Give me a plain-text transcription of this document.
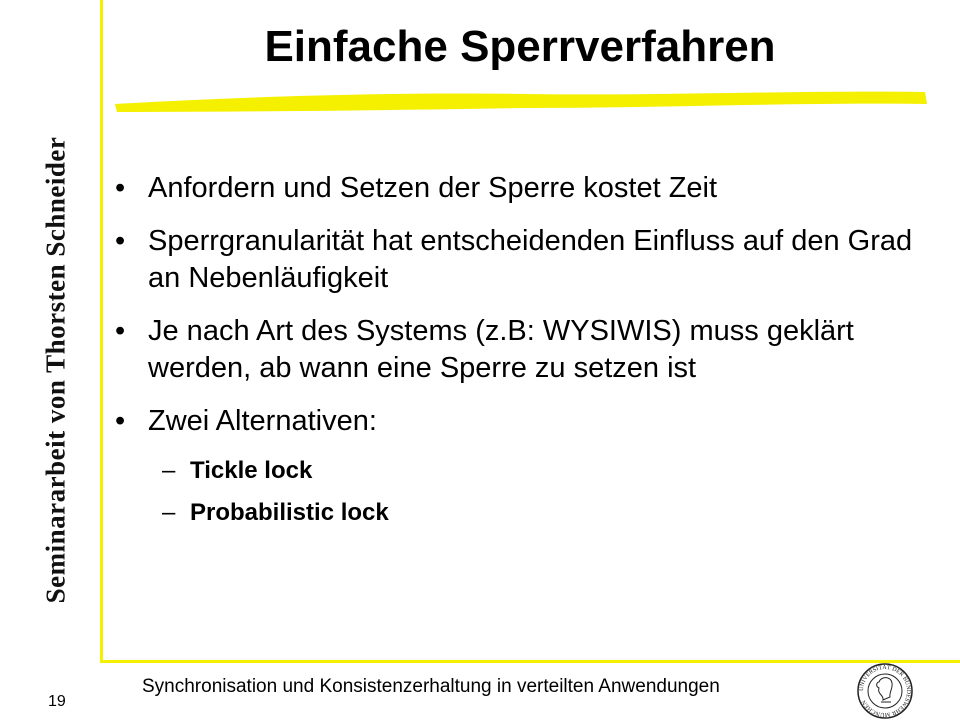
Seminararbeit von Thorsten Schneider
Einfache Sperrverfahren
• Anfordern und Setzen der Sperre kostet Zeit
• Sperrgranularität hat entscheidenden Einfluss auf den Grad an Nebenläufigkeit
• Je nach Art des Systems (z.B: WYSIWIS) muss geklärt werden, ab wann eine Sperre zu setzen ist
• Zwei Alternativen:
– Tickle lock
– Probabilistic lock
19
Synchronisation und Konsistenzerhaltung in verteilten Anwendungen	UNIVERSITÄT DER BUNDESWEHR MÜNCHEN
